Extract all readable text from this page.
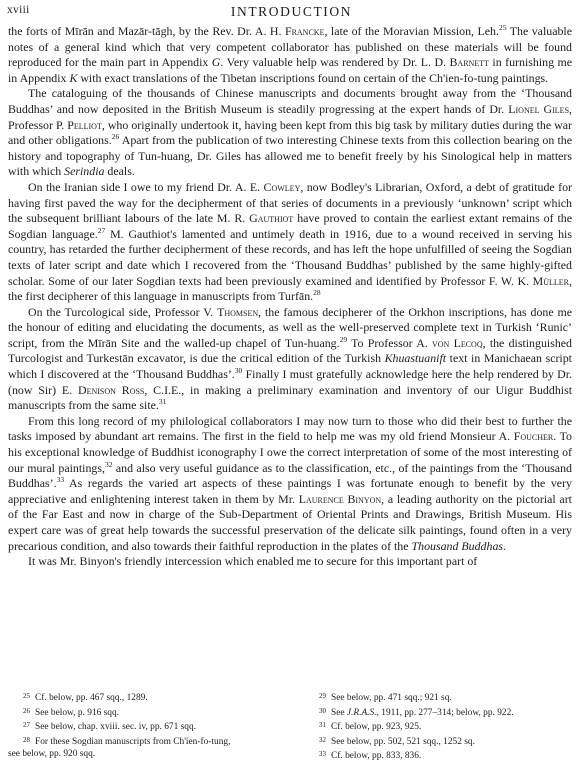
xviii	INTRODUCTION

the forts of Mīrān and Mazār-tāgh, by the Rev. Dr. A. H. Francke, late of the Moravian Mission, Leh.$^{25}$ The valuable notes of a general kind which that very competent collaborator has published on these materials will be found reproduced for the main part in Appendix G. Very valuable help was rendered by Dr. L. D. Barnett in furnishing me in Appendix K with exact translations of the Tibetan inscriptions found on certain of the Ch'ien-fo-tung paintings.

The cataloguing of the thousands of Chinese manuscripts and documents brought away from the ‘Thousand Buddhas’ and now deposited in the British Museum is steadily progressing at the expert hands of Dr. Lionel Giles, Professor P. Pelliot, who originally undertook it, having been kept from this big task by military duties during the war and other obligations.$^{26}$ Apart from the publication of two interesting Chinese texts from this collection bearing on the history and topography of Tun-huang, Dr. Giles has allowed me to benefit freely by his Sinological help in matters with which Serindia deals.

On the Iranian side I owe to my friend Dr. A. E. Cowley, now Bodley's Librarian, Oxford, a debt of gratitude for having first paved the way for the decipherment of that series of documents in a previously ‘unknown’ script which the subsequent brilliant labours of the late M. R. Gauthiot have proved to contain the earliest extant remains of the Sogdian language.$^{27}$ M. Gauthiot's lamented and untimely death in 1916, due to a wound received in serving his country, has retarded the further decipherment of these records, and has left the hope unfulfilled of seeing the Sogdian texts of later script and date which I recovered from the ‘Thousand Buddhas’ published by the same highly-gifted scholar. Some of our later Sogdian texts had been previously examined and identified by Professor F. W. K. Müller, the first decipherer of this language in manuscripts from Turfān.$^{28}$

On the Turcological side, Professor V. Thomsen, the famous decipherer of the Orkhon inscriptions, has done me the honour of editing and elucidating the documents, as well as the well-preserved complete text in Turkish ‘Runic’ script, from the Mīrān Site and the walled-up chapel of Tun-huang.$^{29}$ To Professor A. von Lecoq, the distinguished Turcologist and Turkestān excavator, is due the critical edition of the Turkish Khuastuanift text in Manichaean script which I discovered at the ‘Thousand Buddhas’.$^{30}$ Finally I must gratefully acknowledge here the help rendered by Dr. (now Sir) E. Denison Ross, C.I.E., in making a preliminary examination and inventory of our Uigur Buddhist manuscripts from the same site.$^{31}$

From this long record of my philological collaborators I may now turn to those who did their best to further the tasks imposed by abundant art remains. The first in the field to help me was my old friend Monsieur A. Foucher. To his exceptional knowledge of Buddhist iconography I owe the correct interpretation of some of the most interesting of our mural paintings,$^{32}$ and also very useful guidance as to the classification, etc., of the paintings from the ‘Thousand Buddhas’.$^{33}$ As regards the varied art aspects of these paintings I was fortunate enough to benefit by the very appreciative and enlightening interest taken in them by Mr. Laurence Binyon, a leading authority on the pictorial art of the Far East and now in charge of the Sub-Department of Oriental Prints and Drawings, British Museum. His expert care was of great help towards the successful preservation of the delicate silk paintings, found often in a very precarious condition, and also towards their faithful reproduction in the plates of the Thousand Buddhas.

It was Mr. Binyon's friendly intercession which enabled me to secure for this important part of

25 Cf. below, pp. 467 sqq., 1289.
26 See below, p. 916 sqq.
27 See below, chap. xviii. sec. iv, pp. 671 sqq.
28 For these Sogdian manuscripts from Ch'ien-fo-tung,
see below, pp. 920 sqq.
29 See below, pp. 471 sqq.; 921 sq.
30 See J.R.A.S., 1911, pp. 277–314; below, pp. 922.
31 Cf. below, pp. 923, 925.
32 See below, pp. 502, 521 sqq., 1252 sq.
33 Cf. below, pp. 833, 836.
